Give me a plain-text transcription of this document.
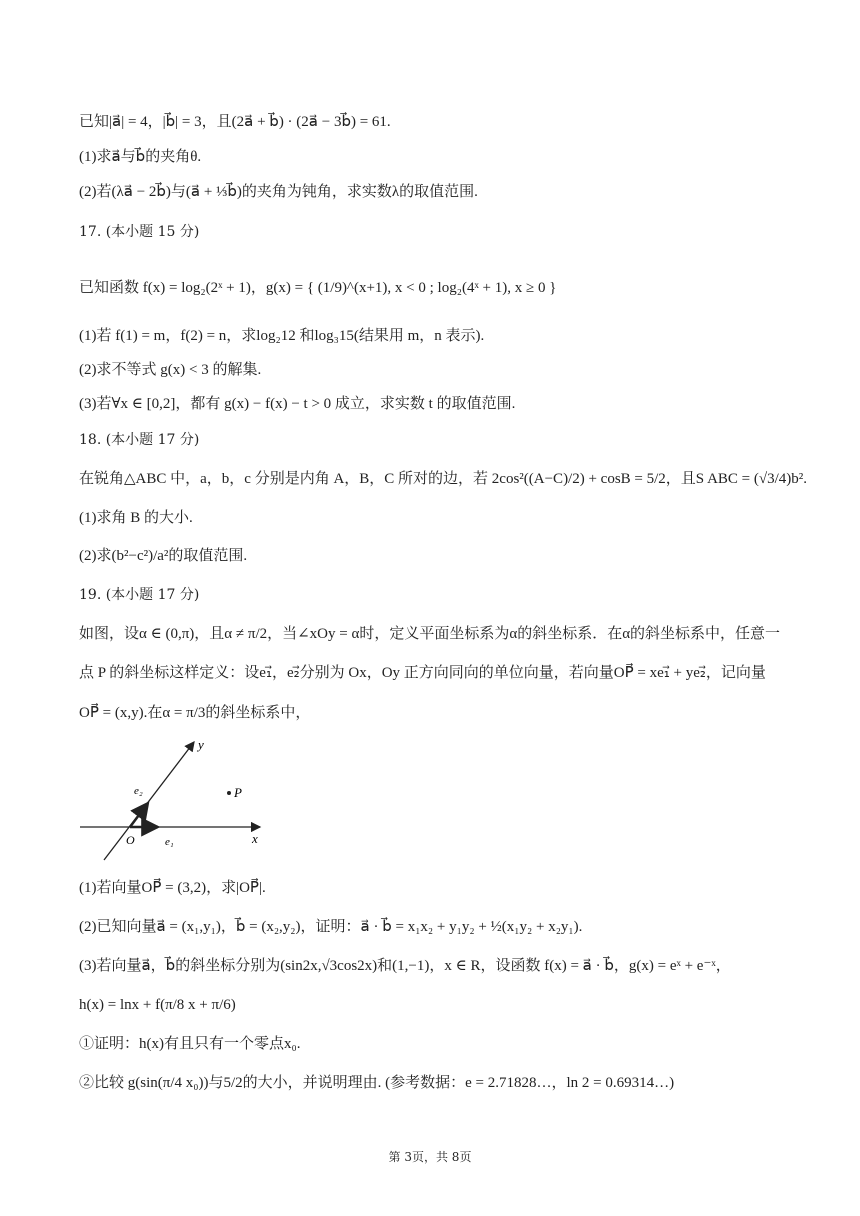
已知|a⃗| = 4，|b⃗| = 3，且(2a⃗ + b⃗) · (2a⃗ − 3b⃗) = 61.
(1)求a⃗与b⃗的夹角θ.
(2)若(λa⃗ − 2b⃗)与(a⃗ + ⅓b⃗)的夹角为钝角，求实数λ的取值范围.
17. (本小题 15 分)
已知函数 f(x) = log₂(2ˣ + 1)，g(x) = { (1/9)^(x+1), x < 0 ; log₂(4ˣ + 1), x ≥ 0 }
(1)若 f(1) = m，f(2) = n，求log₂12 和log₃15(结果用 m，n 表示).
(2)求不等式 g(x) < 3 的解集.
(3)若∀x ∈ [0,2]，都有 g(x) − f(x) − t > 0 成立，求实数 t 的取值范围.
18. (本小题 17 分)
在锐角△ABC 中，a，b，c 分别是内角 A，B，C 所对的边，若 2cos²((A−C)/2) + cosB = 5/2，且S ABC = (√3/4)b².
(1)求角 B 的大小.
(2)求(b²−c²)/a²的取值范围.
19. (本小题 17 分)
如图，设α ∈ (0,π)，且α ≠ π/2，当∠xOy = α时，定义平面坐标系为α的斜坐标系．在α的斜坐标系中，任意一
点 P 的斜坐标这样定义：设e₁⃗，e₂⃗分别为 Ox，Oy 正方向同向的单位向量，若向量OP⃗ = xe₁⃗ + ye₂⃗，记向量
OP⃗ = (x,y).在α = π/3的斜坐标系中，
y
x
O
P
e₁⃗
e₂⃗
(1)若向量OP⃗ = (3,2)，求|OP⃗|.
(2)已知向量a⃗ = (x₁,y₁)，b⃗ = (x₂,y₂)，证明：a⃗ · b⃗ = x₁x₂ + y₁y₂ + ½(x₁y₂ + x₂y₁).
(3)若向量a⃗，b⃗的斜坐标分别为(sin2x,√3cos2x)和(1,−1)，x ∈ R，设函数 f(x) = a⃗ · b⃗，g(x) = eˣ + e⁻ˣ，
h(x) = lnx + f(π/8 x + π/6)
①证明：h(x)有且只有一个零点x₀.
②比较 g(sin(π/4 x₀))与5/2的大小，并说明理由. (参考数据：e = 2.71828…，ln 2 = 0.69314…)
第 3页，共 8页
